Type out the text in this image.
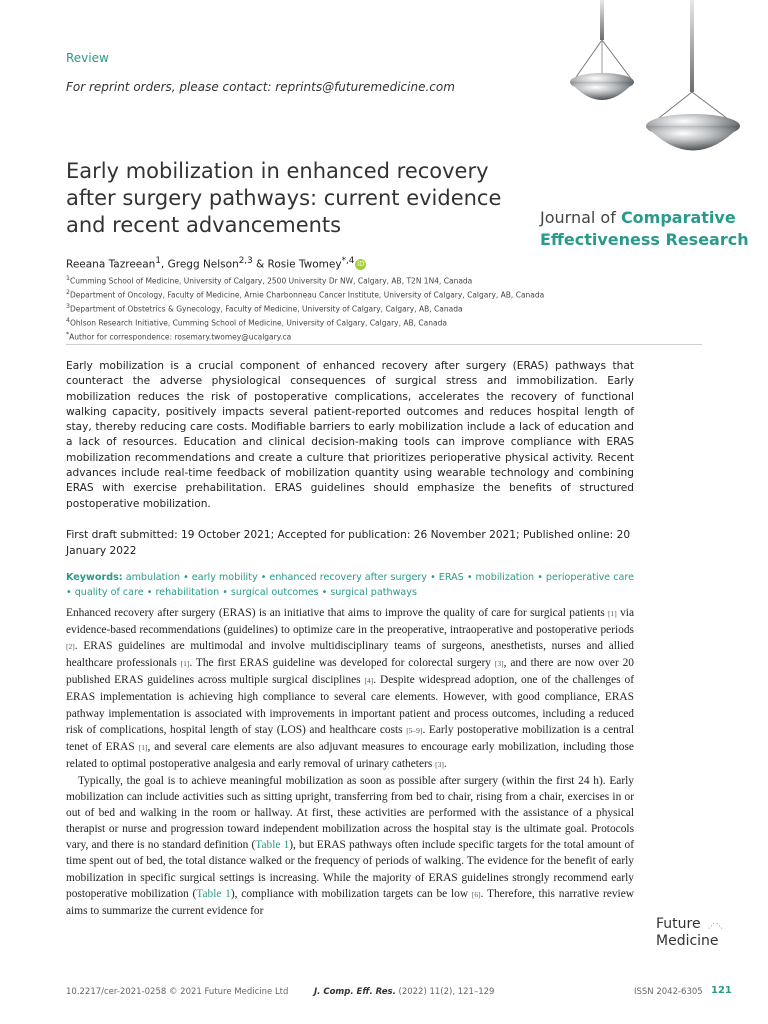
Review
For reprint orders, please contact: reprints@futuremedicine.com
Early mobilization in enhanced recovery after surgery pathways: current evidence and recent advancements	Journal of Comparative
Effectiveness Research
Reeana Tazreean$^1$, Gregg Nelson$^{2,3}$ & Rosie Twomey$^{*,4}$ iD
$^1$Cumming School of Medicine, University of Calgary, 2500 University Dr NW, Calgary, AB, T2N 1N4, Canada
$^2$Department of Oncology, Faculty of Medicine, Arnie Charbonneau Cancer Institute, University of Calgary, Calgary, AB, Canada
$^3$Department of Obstetrics & Gynecology, Faculty of Medicine, University of Calgary, Calgary, AB, Canada
$^4$Ohlson Research Initiative, Cumming School of Medicine, University of Calgary, Calgary, AB, Canada
*Author for correspondence: rosemary.twomey@ucalgary.ca

Early mobilization is a crucial component of enhanced recovery after surgery (ERAS) pathways that counteract the adverse physiological consequences of surgical stress and immobilization. Early mobilization reduces the risk of postoperative complications, accelerates the recovery of functional walking capacity, positively impacts several patient-reported outcomes and reduces hospital length of stay, thereby reducing care costs. Modifiable barriers to early mobilization include a lack of education and a lack of resources. Education and clinical decision-making tools can improve compliance with ERAS mobilization recommendations and create a culture that prioritizes perioperative physical activity. Recent advances include real-time feedback of mobilization quantity using wearable technology and combining ERAS with exercise prehabilitation. ERAS guidelines should emphasize the benefits of structured postoperative mobilization.

First draft submitted: 19 October 2021; Accepted for publication: 26 November 2021; Published online: 20 January 2022

Keywords: ambulation • early mobility • enhanced recovery after surgery • ERAS • mobilization • perioperative care
• quality of care • rehabilitation • surgical outcomes • surgical pathways

Enhanced recovery after surgery (ERAS) is an initiative that aims to improve the quality of care for surgical patients [1] via evidence-based recommendations (guidelines) to optimize care in the preoperative, intraoperative and postoperative periods [2]. ERAS guidelines are multimodal and involve multidisciplinary teams of surgeons, anesthetists, nurses and allied healthcare professionals [1]. The first ERAS guideline was developed for colorectal surgery [3], and there are now over 20 published ERAS guidelines across multiple surgical disciplines [4]. Despite widespread adoption, one of the challenges of ERAS implementation is achieving high compliance to several care elements. However, with good compliance, ERAS pathway implementation is associated with improvements in important patient and process outcomes, including a reduced risk of complications, hospital length of stay (LOS) and healthcare costs [5–9]. Early postoperative mobilization is a central tenet of ERAS [1], and several care elements are also adjuvant measures to encourage early mobilization, including those related to optimal postoperative analgesia and early removal of urinary catheters [3].

Typically, the goal is to achieve meaningful mobilization as soon as possible after surgery (within the first 24 h). Early mobilization can include activities such as sitting upright, transferring from bed to chair, rising from a chair, exercises in or out of bed and walking in the room or hallway. At first, these activities are performed with the assistance of a physical therapist or nurse and progression toward independent mobilization across the hospital stay is the ultimate goal. Protocols vary, and there is no standard definition (Table 1), but ERAS pathways often include specific targets for the total amount of time spent out of bed, the total distance walked or the frequency of periods of walking. The evidence for the benefit of early mobilization in specific surgical settings is increasing. While the majority of ERAS guidelines strongly recommend early postoperative mobilization (Table 1), compliance with mobilization targets can be low [6]. Therefore, this narrative review aims to summarize the current evidence for

⋰⋱
Future
Medicine
10.2217/cer-2021-0258 © 2021 Future Medicine Ltd	J. Comp. Eff. Res. (2022) 11(2), 121–129	ISSN 2042-6305 121
